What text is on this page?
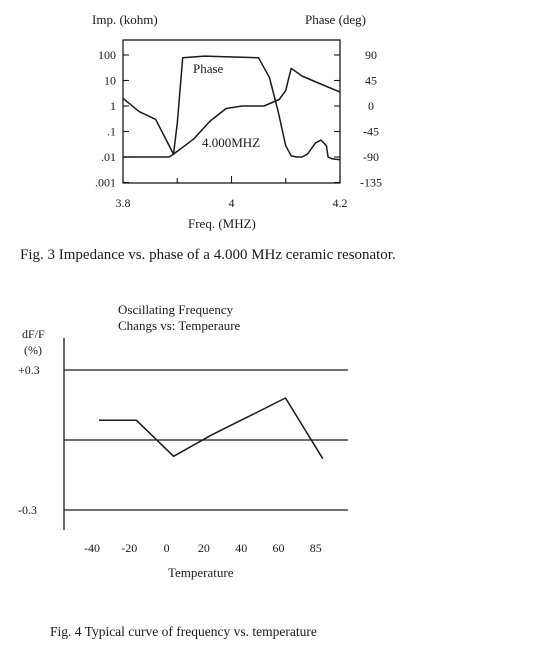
Imp. (kohm)	Phase (deg)
100
10
1
.1
.01
.001
90
45
0
-45
-90
-135
3.8	4	4.2
Phase
4.000MHZ
Freq. (MHZ)
Fig. 3 Impedance vs. phase of a 4.000 MHz ceramic resonator.
Oscillating Frequency
Changs vs: Temperaure
dF/F
(%)
+0.3
-0.3
-40 -20 0 20 40 60 85
Temperature
Fig. 4 Typical curve of frequency vs. temperature
